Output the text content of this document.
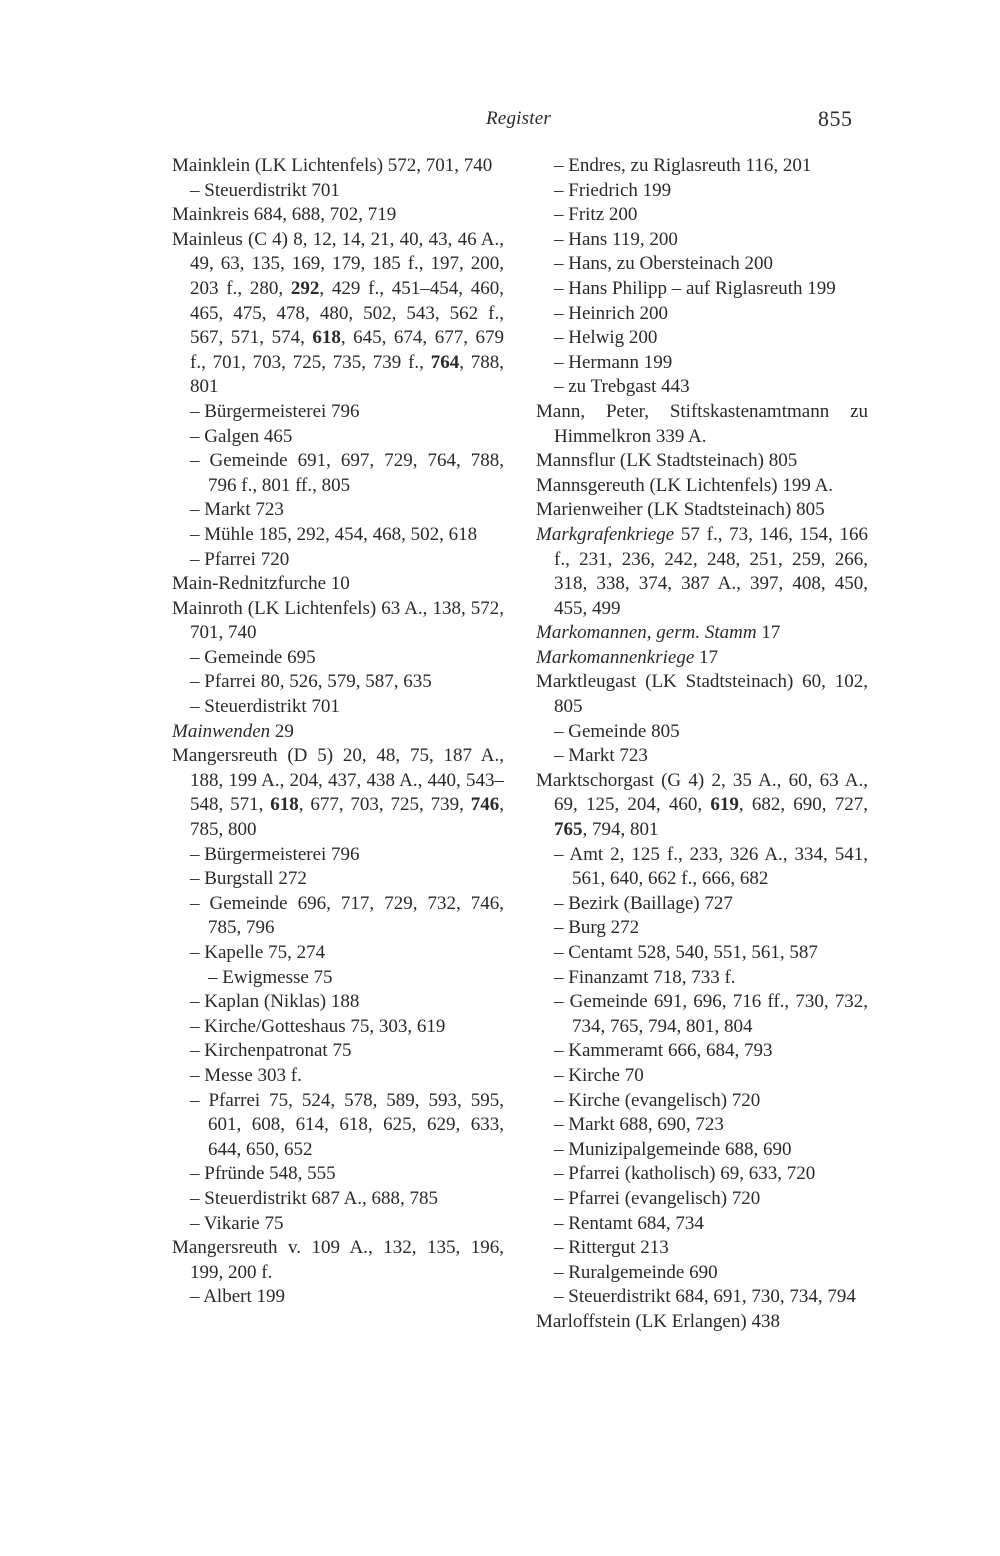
Register	855

Mainklein (LK Lichtenfels) 572, 701, 740

– Steuerdistrikt 701

Mainkreis 684, 688, 702, 719

Mainleus (C 4) 8, 12, 14, 21, 40, 43, 46 A., 49, 63, 135, 169, 179, 185 f., 197, 200, 203 f., 280, 292, 429 f., 451–454, 460, 465, 475, 478, 480, 502, 543, 562 f., 567, 571, 574, 618, 645, 674, 677, 679 f., 701, 703, 725, 735, 739 f., 764, 788, 801

– Bürgermeisterei 796

– Galgen 465

– Gemeinde 691, 697, 729, 764, 788, 796 f., 801 ff., 805

– Markt 723

– Mühle 185, 292, 454, 468, 502, 618

– Pfarrei 720

Main-Rednitzfurche 10

Mainroth (LK Lichtenfels) 63 A., 138, 572, 701, 740

– Gemeinde 695

– Pfarrei 80, 526, 579, 587, 635

– Steuerdistrikt 701

Mainwenden 29

Mangersreuth (D 5) 20, 48, 75, 187 A., 188, 199 A., 204, 437, 438 A., 440, 543–548, 571, 618, 677, 703, 725, 739, 746, 785, 800

– Bürgermeisterei 796

– Burgstall 272

– Gemeinde 696, 717, 729, 732, 746, 785, 796

– Kapelle 75, 274

– Ewigmesse 75

– Kaplan (Niklas) 188

– Kirche/Gotteshaus 75, 303, 619

– Kirchenpatronat 75

– Messe 303 f.

– Pfarrei 75, 524, 578, 589, 593, 595, 601, 608, 614, 618, 625, 629, 633, 644, 650, 652

– Pfründe 548, 555

– Steuerdistrikt 687 A., 688, 785

– Vikarie 75

Mangersreuth v. 109 A., 132, 135, 196, 199, 200 f.

– Albert 199

– Endres, zu Riglasreuth 116, 201

– Friedrich 199

– Fritz 200

– Hans 119, 200

– Hans, zu Obersteinach 200

– Hans Philipp – auf Riglasreuth 199

– Heinrich 200

– Helwig 200

– Hermann 199

– zu Trebgast 443

Mann, Peter, Stiftskastenamtmann zu Himmelkron 339 A.

Mannsflur (LK Stadtsteinach) 805

Mannsgereuth (LK Lichtenfels) 199 A.

Marienweiher (LK Stadtsteinach) 805

Markgrafenkriege 57 f., 73, 146, 154, 166 f., 231, 236, 242, 248, 251, 259, 266, 318, 338, 374, 387 A., 397, 408, 450, 455, 499

Markomannen, germ. Stamm 17

Markomannenkriege 17

Marktleugast (LK Stadtsteinach) 60, 102, 805

– Gemeinde 805

– Markt 723

Marktschorgast (G 4) 2, 35 A., 60, 63 A., 69, 125, 204, 460, 619, 682, 690, 727, 765, 794, 801

– Amt 2, 125 f., 233, 326 A., 334, 541, 561, 640, 662 f., 666, 682

– Bezirk (Baillage) 727

– Burg 272

– Centamt 528, 540, 551, 561, 587

– Finanzamt 718, 733 f.

– Gemeinde 691, 696, 716 ff., 730, 732, 734, 765, 794, 801, 804

– Kammeramt 666, 684, 793

– Kirche 70

– Kirche (evangelisch) 720

– Markt 688, 690, 723

– Munizipalgemeinde 688, 690

– Pfarrei (katholisch) 69, 633, 720

– Pfarrei (evangelisch) 720

– Rentamt 684, 734

– Rittergut 213

– Ruralgemeinde 690

– Steuerdistrikt 684, 691, 730, 734, 794

Marloffstein (LK Erlangen) 438
